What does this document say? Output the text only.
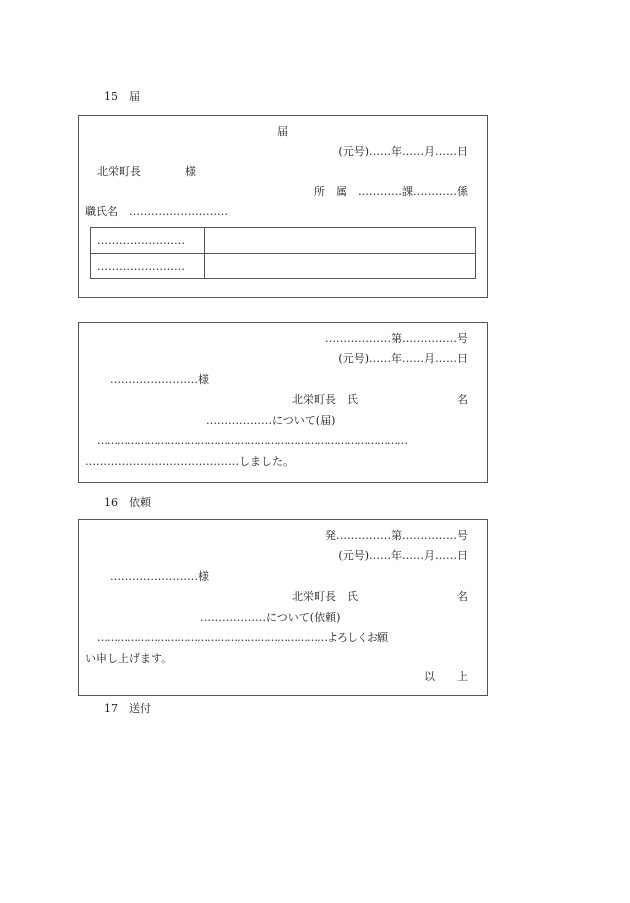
15　届
届
(元号)……年……月……日
北栄町長　　　　様
所　属　…………課…………係
職氏名　………………………
……………………
……………………
………………第……………号
(元号)……年……月……日
……………………様
北栄町長　氏　　　　　　　　　名
………………について(届)
…………………………………………………………………………………
……………………………………しました。
16　依頼
発……………第……………号
(元号)……年……月……日
……………………様
北栄町長　氏　　　　　　　　　名
………………について(依頼)
……………………………………………………………よろしくお願
い申し上げます。
以　　上
17　送付
